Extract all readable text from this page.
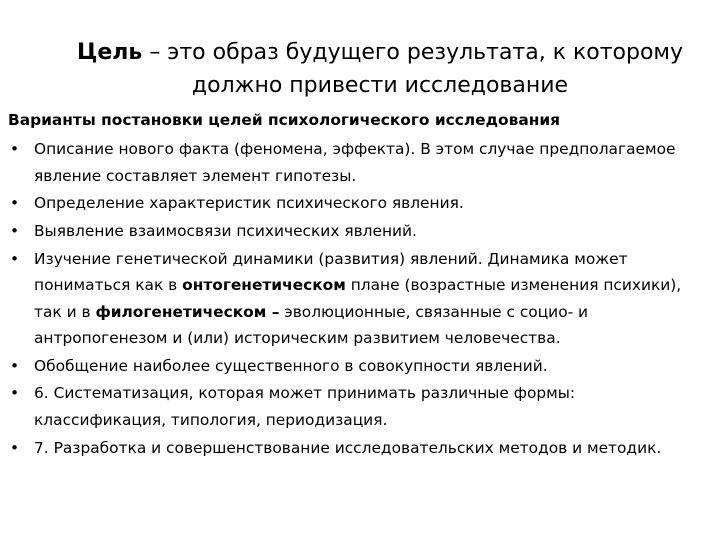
Цель – это образ будущего результата, к которому должно привести исследование
Варианты постановки целей психологического исследования
• Описание нового факта (феномена, эффекта). В этом случае предполагаемое явление составляет элемент гипотезы.
• Определение характеристик психического явления.
• Выявление взаимосвязи психических явлений.
• Изучение генетической динамики (развития) явлений. Динамика может пониматься как в онтогенетическом плане (возрастные изменения психики), так и в филогенетическом – эволюционные, связанные с социо- и антропогенезом и (или) историческим развитием человечества.
• Обобщение наиболее существенного в совокупности явлений.
• 6. Систематизация, которая может принимать различные формы: классификация, типология, периодизация.
• 7. Разработка и совершенствование исследовательских методов и методик.
